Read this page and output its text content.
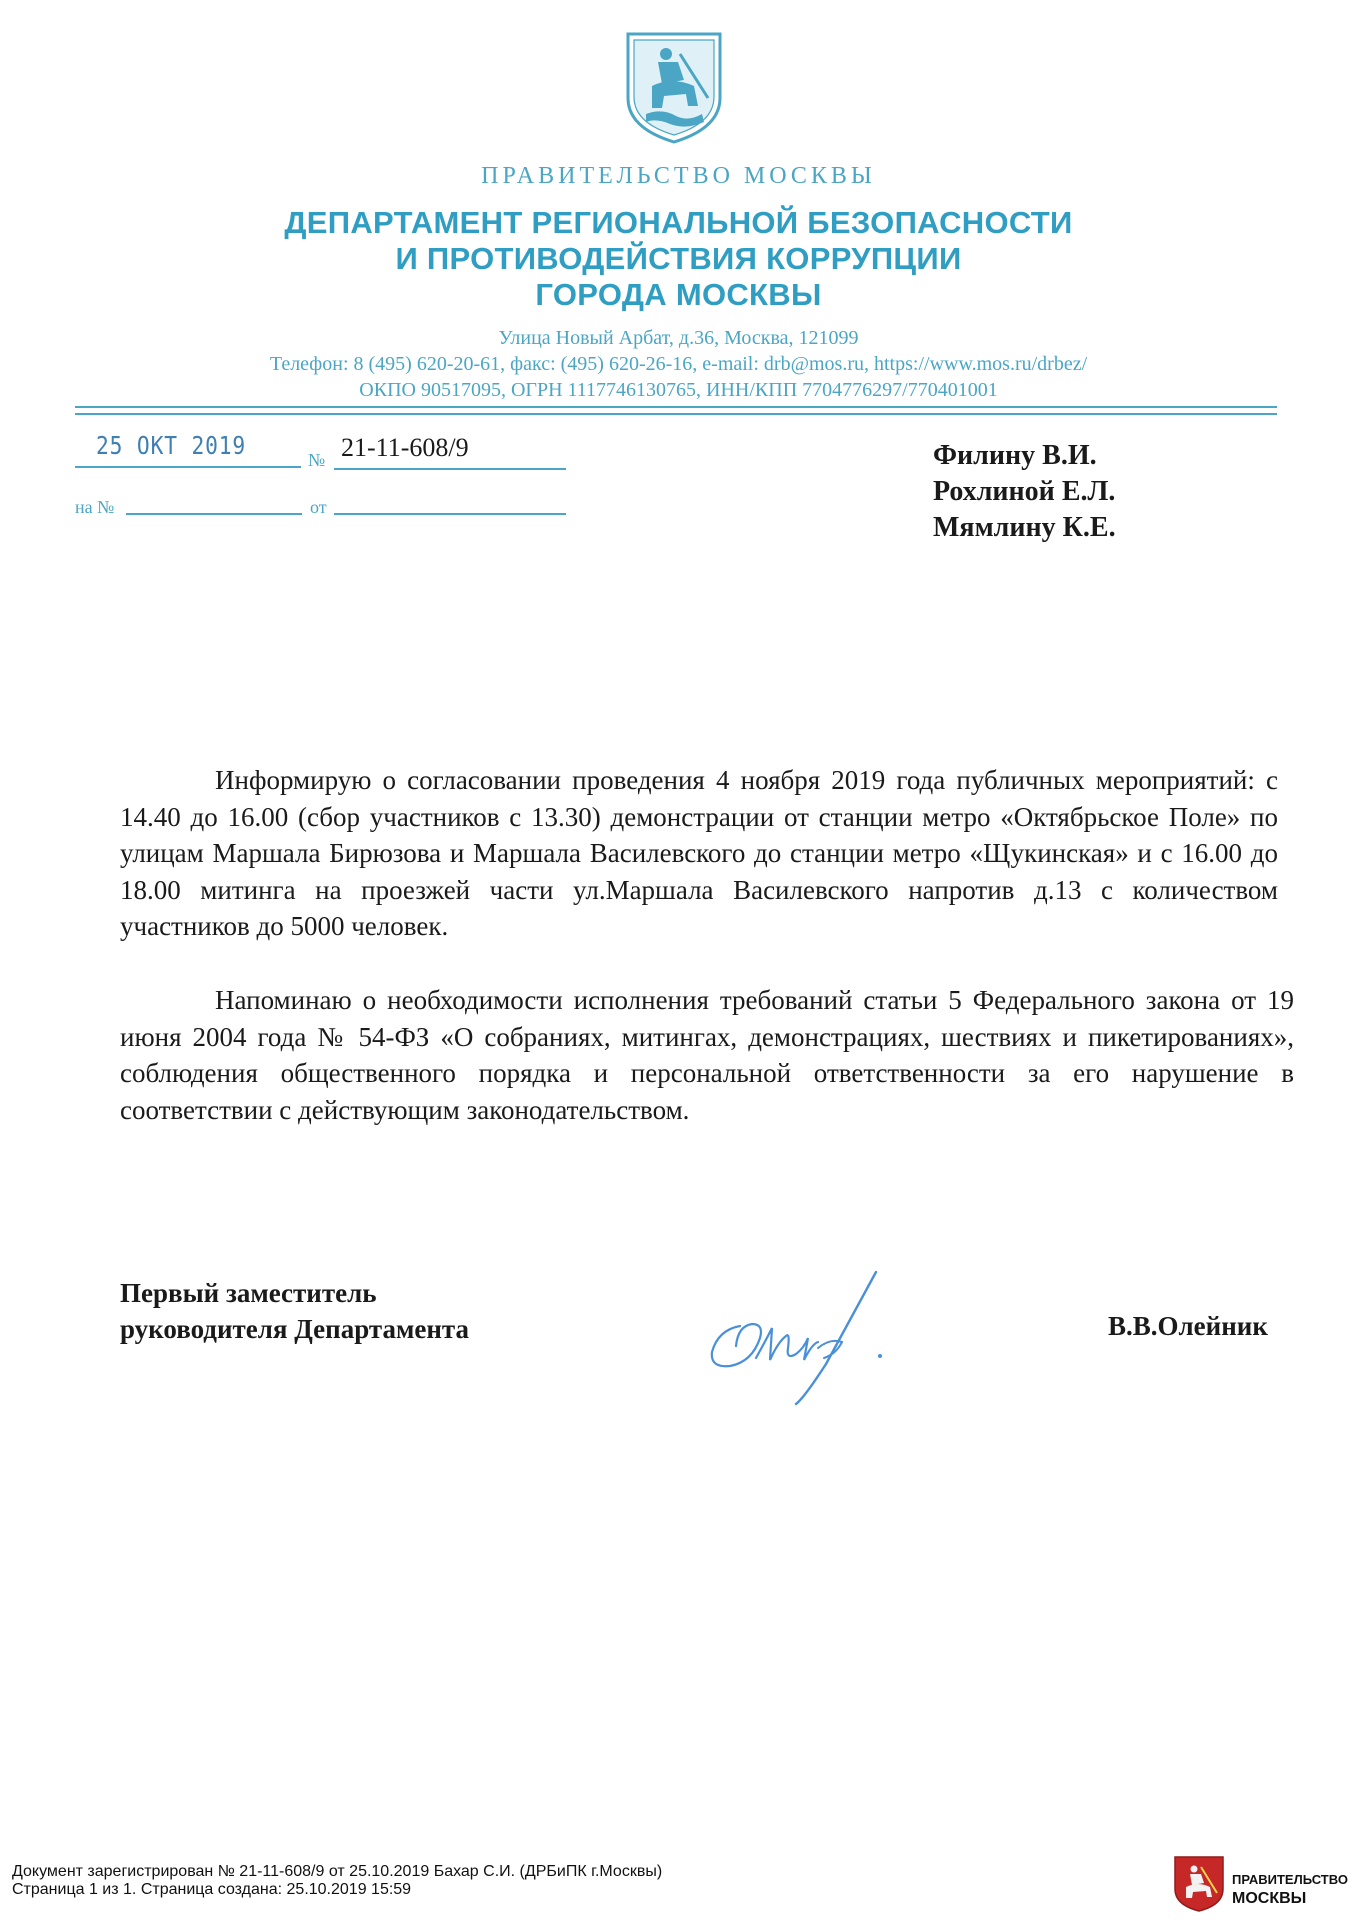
ПРАВИТЕЛЬСТВО МОСКВЫ
ДЕПАРТАМЕНТ РЕГИОНАЛЬНОЙ БЕЗОПАСНОСТИ
И ПРОТИВОДЕЙСТВИЯ КОРРУПЦИИ
ГОРОДА МОСКВЫ
Улица Новый Арбат, д.36, Москва, 121099
Телефон: 8 (495) 620-20-61, факс: (495) 620-26-16, e-mail: drb@mos.ru, https://www.mos.ru/drbez/
ОКПО 90517095, ОГРН 1117746130765, ИНН/КПП 7704776297/770401001
25 ОКТ 2019	№ 21-11-608/9
на №	от
Филину В.И.
Рохлиной Е.Л.
Мямлину К.Е.

Информирую о согласовании проведения 4 ноября 2019 года публичных мероприятий: с 14.40 до 16.00 (сбор участников с 13.30) демонстрации от станции метро «Октябрьское Поле» по улицам Маршала Бирюзова и Маршала Василевского до станции метро «Щукинская» и с 16.00 до 18.00 митинга на проезжей части ул.Маршала Василевского напротив д.13 с количеством участников до 5000 человек.

Напоминаю о необходимости исполнения требований статьи 5 Федерального закона от 19 июня 2004 года № 54-ФЗ «О собраниях, митингах, демонстрациях, шествиях и пикетированиях», соблюдения общественного порядка и персональной ответственности за его нарушение в соответствии с действующим законодательством.

Первый заместитель
руководителя Департамента	В.В.Олейник
Документ зарегистрирован № 21-11-608/9 от 25.10.2019 Бахар С.И. (ДРБиПК г.Москвы)
Страница 1 из 1. Страница создана: 25.10.2019 15:59
ПРАВИТЕЛЬСТВО
МОСКВЫ
